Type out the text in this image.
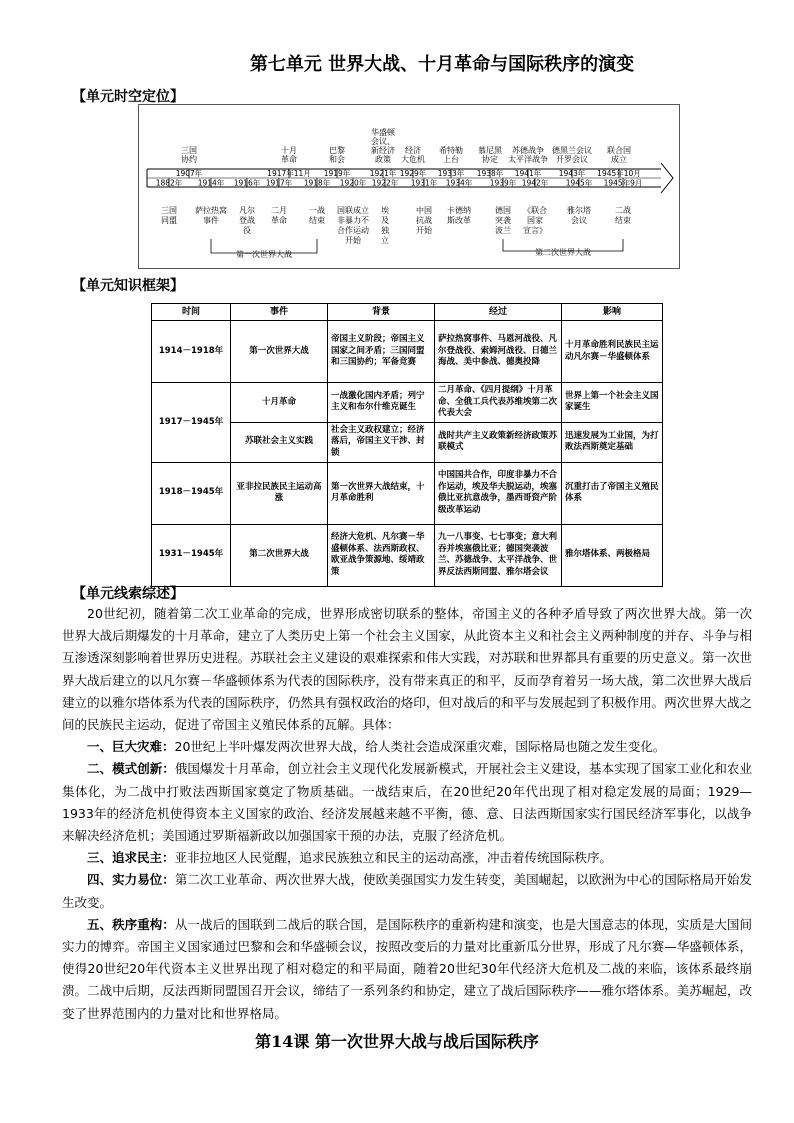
第七单元 世界大战、十月革命与国际秩序的演变
【单元时空定位】
1907年
三国
协约
1917年11月
十月
革命
1919年
巴黎
和会
1921年
华盛顿
会议、
新经济
政策
1929年
经济
大危机
1933年
希特勒
上台
1938年
慕尼黑
协定
1941年
苏德战争
太平洋战争
1943年
德黑兰会议
开罗会议
1945年10月
联合国
成立
1882年
三国
同盟
1914年
萨拉热窝
事件
1916年
凡尔
登战
役
1917年
二月
革命
1918年
一战
结束
1920年
国联成立
非暴力不
合作运动
开始
1922年
埃
及
独
立
1931年
中国
抗战
开始
1934年
卡德纳
斯改革
1939年
德国
突袭
波兰
1942年
《联合
国家
宣言》
1945年
雅尔塔
会议
1945年9月
二战
结束
第一次世界大战	第二次世界大战
【单元知识框架】
时间	事件	背景	经过	影响
1914－1918年	第一次世界大战	帝国主义阶段；帝国主义国家之间矛盾；三国同盟和三国协约；军备竞赛	萨拉热窝事件、马恩河战役、凡尔登战役、索姆河战役、日德兰海战、美中参战、德奥投降	十月革命胜利民族民主运动凡尔赛－华盛顿体系
1917－1945年	十月革命	一战激化国内矛盾；列宁主义和布尔什维克诞生	二月革命、《四月提纲》十月革命、全俄工兵代表苏维埃第二次代表大会	世界上第一个社会主义国家诞生
	苏联社会主义实践	社会主义政权建立；经济落后，帝国主义干涉、封锁	战时共产主义政策新经济政策苏联模式	迅速发展为工业国，为打败法西斯奠定基础
1918－1945年	亚非拉民族民主运动高涨	第一次世界大战结束，十月革命胜利	中国国共合作，印度非暴力不合作运动，埃及华夫脱运动，埃塞俄比亚抗意战争，墨西哥资产阶级改革运动	沉重打击了帝国主义殖民体系
1931－1945年	第二次世界大战	经济大危机、凡尔赛－华盛顿体系、法西斯政权、欧亚战争策源地、绥靖政策	九一八事变、七七事变；意大利吞并埃塞俄比亚；德国突袭波兰、苏德战争、太平洋战争、世界反法西斯同盟、雅尔塔会议	雅尔塔体系、两极格局
【单元线索综述】

20世纪初，随着第二次工业革命的完成，世界形成密切联系的整体，帝国主义的各种矛盾导致了两次世界大战。第一次世界大战后期爆发的十月革命，建立了人类历史上第一个社会主义国家，从此资本主义和社会主义两种制度的并存、斗争与相互渗透深刻影响着世界历史进程。苏联社会主义建设的艰难探索和伟大实践，对苏联和世界都具有重要的历史意义。第一次世界大战后建立的以凡尔赛－华盛顿体系为代表的国际秩序，没有带来真正的和平，反而孕育着另一场大战，第二次世界大战后建立的以雅尔塔体系为代表的国际秩序，仍然具有强权政治的烙印，但对战后的和平与发展起到了积极作用。两次世界大战之间的民族民主运动，促进了帝国主义殖民体系的瓦解。具体：

一、巨大灾难：20世纪上半叶爆发两次世界大战，给人类社会造成深重灾难，国际格局也随之发生变化。

二、模式创新：俄国爆发十月革命，创立社会主义现代化发展新模式，开展社会主义建设，基本实现了国家工业化和农业集体化，为二战中打败法西斯国家奠定了物质基础。一战结束后，在20世纪20年代出现了相对稳定发展的局面；1929—1933年的经济危机使得资本主义国家的政治、经济发展越来越不平衡，德、意、日法西斯国家实行国民经济军事化，以战争来解决经济危机；美国通过罗斯福新政以加强国家干预的办法，克服了经济危机。

三、追求民主：亚非拉地区人民觉醒，追求民族独立和民主的运动高涨，冲击着传统国际秩序。

四、实力易位：第二次工业革命、两次世界大战，使欧美强国实力发生转变，美国崛起，以欧洲为中心的国际格局开始发生改变。

五、秩序重构：从一战后的国联到二战后的联合国，是国际秩序的重新构建和演变，也是大国意志的体现，实质是大国间实力的博弈。帝国主义国家通过巴黎和会和华盛顿会议，按照改变后的力量对比重新瓜分世界，形成了凡尔赛—华盛顿体系，使得20世纪20年代资本主义世界出现了相对稳定的和平局面，随着20世纪30年代经济大危机及二战的来临，该体系最终崩溃。二战中后期，反法西斯同盟国召开会议，缔结了一系列条约和协定，建立了战后国际秩序——雅尔塔体系。美苏崛起，改变了世界范围内的力量对比和世界格局。

第14课 第一次世界大战与战后国际秩序
